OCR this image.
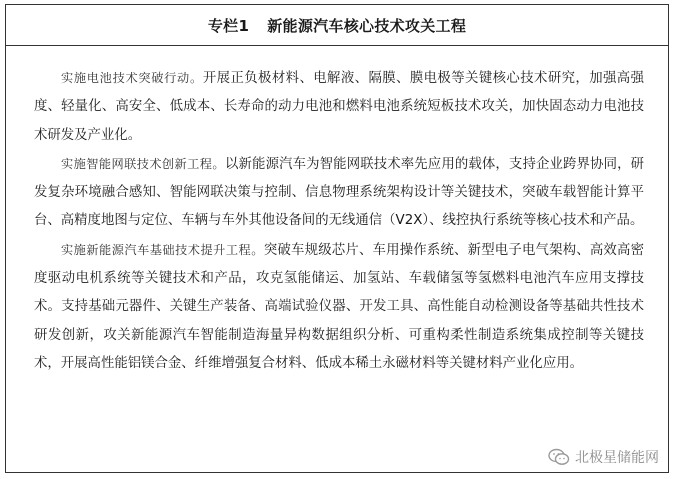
专栏1 新能源汽车核心技术攻关工程

实施电池技术突破行动。开展正负极材料、电解液、隔膜、膜电极等关键核心技术研究，加强高强度、轻量化、高安全、低成本、长寿命的动力电池和燃料电池系统短板技术攻关，加快固态动力电池技术研发及产业化。

实施智能网联技术创新工程。以新能源汽车为智能网联技术率先应用的载体，支持企业跨界协同，研发复杂环境融合感知、智能网联决策与控制、信息物理系统架构设计等关键技术，突破车载智能计算平台、高精度地图与定位、车辆与车外其他设备间的无线通信（V2X）、线控执行系统等核心技术和产品。

实施新能源汽车基础技术提升工程。突破车规级芯片、车用操作系统、新型电子电气架构、高效高密度驱动电机系统等关键技术和产品，攻克氢能储运、加氢站、车载储氢等氢燃料电池汽车应用支撑技术。支持基础元器件、关键生产装备、高端试验仪器、开发工具、高性能自动检测设备等基础共性技术研发创新，攻关新能源汽车智能制造海量异构数据组织分析、可重构柔性制造系统集成控制等关键技术，开展高性能铝镁合金、纤维增强复合材料、低成本稀土永磁材料等关键材料产业化应用。

北极星储能网
